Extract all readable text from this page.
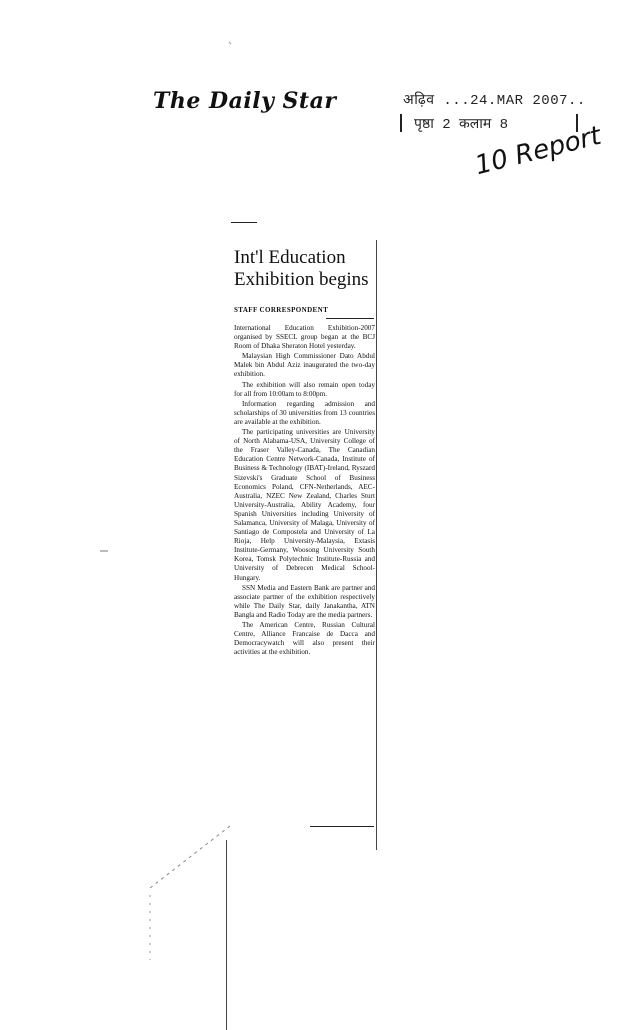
The Daily Star	अढ़िव ...24.MAR 2007..
पृष्ठा 2 कलाम 8
10 Report
Int'l Education Exhibition begins
STAFF CORRESPONDENT

International Education Exhibition-2007 organised by SSECL group began at the BCJ Room of Dhaka Sheraton Hotel yesterday.

Malaysian High Commissioner Dato Abdul Malek bin Abdul Aziz inaugurated the two-day exhibition.

The exhibition will also remain open today for all from 10:00am to 8:00pm.

Information regarding admission and scholarships of 30 universities from 13 countries are available at the exhibition.

The participating universities are University of North Alabama-USA, University College of the Fraser Valley-Canada, The Canadian Education Centre Network-Canada, Institute of Business & Technology (IBAT)-Ireland, Ryszard Sizevski's Graduate School of Business Economics Poland, CFN-Netherlands, AEC-Australia, NZEC New Zealand, Charles Sturt University-Australia, Ability Academy, four Spanish Universities including University of Salamanca, University of Malaga, University of Santiago de Compostela and University of La Rioja, Help University-Malaysia, Extasis Institute-Germany, Woosong University South Korea, Tomsk Polytechnic Institute-Russia and University of Debrecen Medical School-Hungary.

SSN Media and Eastern Bank are partner and associate partner of the exhibition respectively while The Daily Star, daily Janakantha, ATN Bangla and Radio Today are the media partners.

The American Centre, Russian Cultural Centre, Alliance Francaise de Dacca and Democracywatch will also present their activities at the exhibition.
